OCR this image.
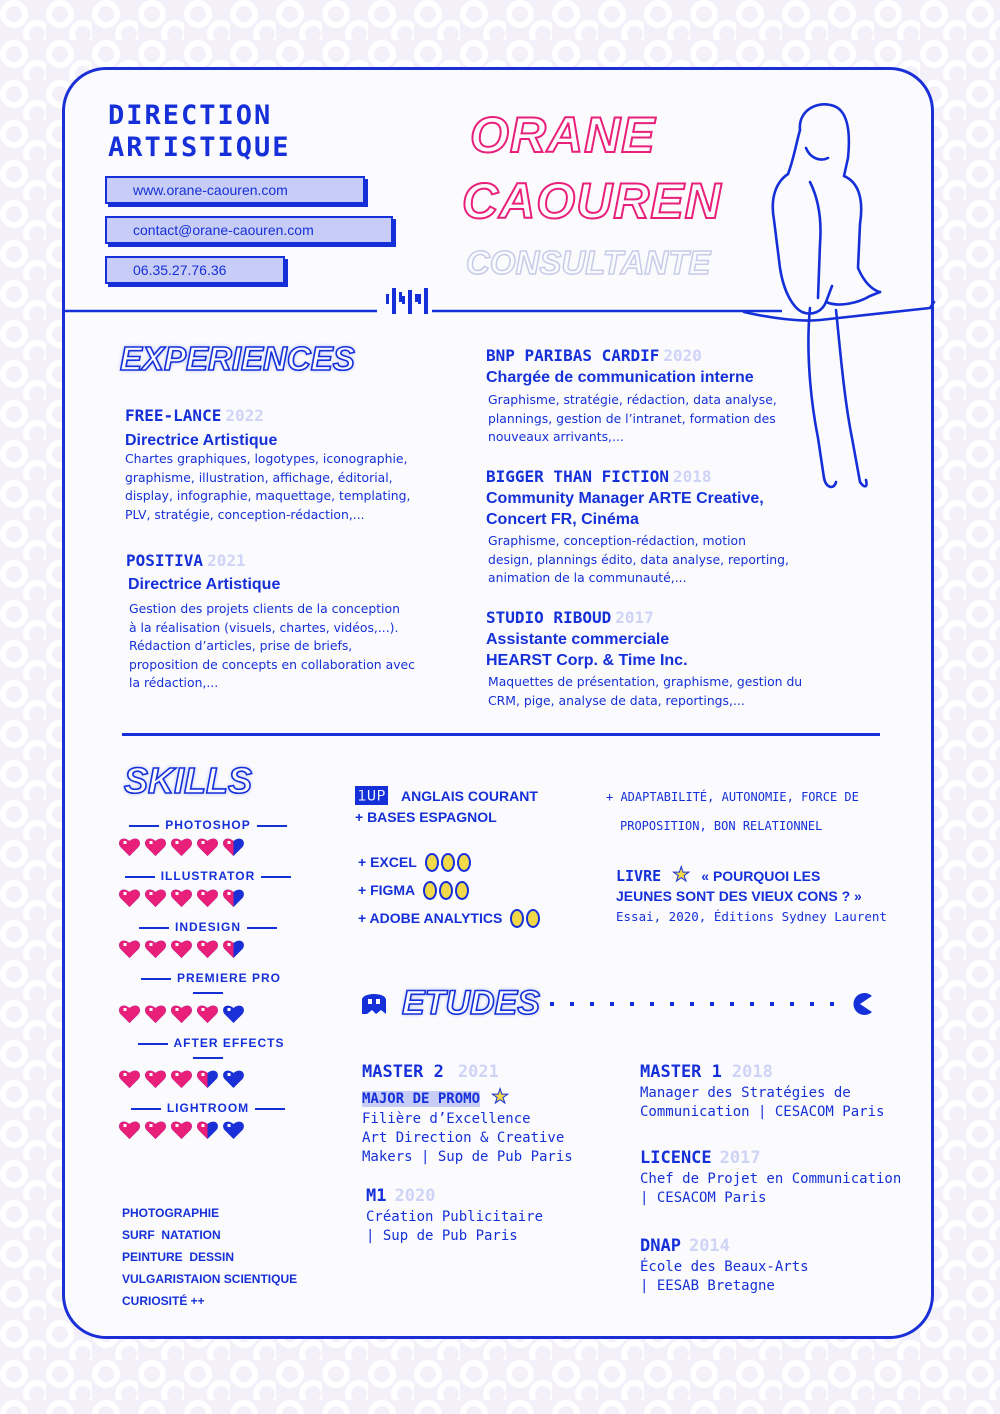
DIRECTION
ARTISTIQUE
www.orane-caouren.com
contact@orane-caouren.com
06.35.27.76.36
ORANE
CAOUREN
CONSULTANTE
EXPERIENCES
FREE-LANCE 2022
Directrice Artistique
Chartes graphiques, logotypes, iconographie,
graphisme, illustration, affichage, éditorial,
display, infographie, maquettage, templating,
PLV, stratégie, conception-rédaction,...
POSITIVA 2021
Directrice Artistique
Gestion des projets clients de la conception
à la réalisation (visuels, chartes, vidéos,...).
Rédaction d’articles, prise de briefs,
proposition de concepts en collaboration avec
la rédaction,...
BNP PARIBAS CARDIF 2020
Chargée de communication interne
Graphisme, stratégie, rédaction, data analyse,
plannings, gestion de l’intranet, formation des
nouveaux arrivants,...
BIGGER THAN FICTION 2018
Community Manager ARTE Creative,
Concert FR, Cinéma
Graphisme, conception-rédaction, motion
design, plannings édito, data analyse, reporting,
animation de la communauté,...
STUDIO RIBOUD 2017
Assistante commerciale
HEARST Corp. & Time Inc.
Maquettes de présentation, graphisme, gestion du
CRM, pige, analyse de data, reportings,...
SKILLS
PHOTOSHOP
ILLUSTRATOR
INDESIGN
PREMIERE PRO
AFTER EFFECTS
LIGHTROOM
PHOTOGRAPHIE
SURF  NATATION
PEINTURE  DESSIN
VULGARISTAION SCIENTIQUE
CURIOSITÉ ++
1UP ANGLAIS COURANT
+ BASES ESPAGNOL
+ EXCEL
+ FIGMA
+ ADOBE ANALYTICS
+ ADAPTABILITÉ, AUTONOMIE, FORCE DE
PROPOSITION, BON RELATIONNEL
LIVRE ★ « POURQUOI LES
JEUNES SONT DES VIEUX CONS ? »
Essai, 2020, Éditions Sydney Laurent
ETUDES
MASTER 2 2021
MAJOR DE PROMO ★
Filière d’Excellence
Art Direction & Creative
Makers | Sup de Pub Paris
M1 2020
Création Publicitaire
| Sup de Pub Paris
MASTER 1 2018
Manager des Stratégies de
Communication | CESACOM Paris
LICENCE 2017
Chef de Projet en Communication
| CESACOM Paris
DNAP 2014
École des Beaux-Arts
| EESAB Bretagne
